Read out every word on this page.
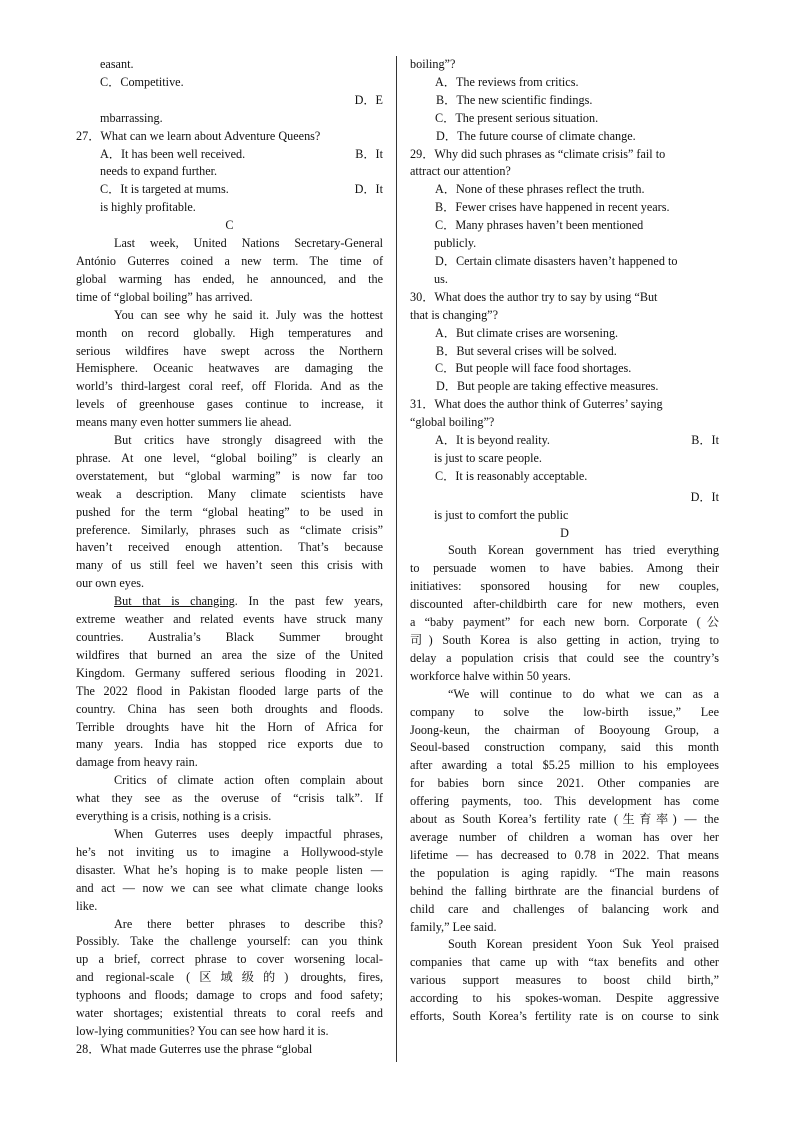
easant.
C．Competitive.
D．E
mbarrassing.
27．What can we learn about Adventure Queens?
A．It has been well received.	B．It
needs to expand further.
C．It is targeted at mums.	D．It
is highly profitable.
C
Last week, United Nations Secretary-General
António Guterres coined a new term. The time of
global warming has ended, he announced, and the
time of “global boiling” has arrived.
You can see why he said it. July was the hottest
month on record globally. High temperatures and
serious wildfires have swept across the Northern
Hemisphere. Oceanic heatwaves are damaging the
world’s third-largest coral reef, off Florida. And as the
levels of greenhouse gases continue to increase, it
means many even hotter summers lie ahead.
But critics have strongly disagreed with the
phrase. At one level, “global boiling” is clearly an
overstatement, but “global warming” is now far too
weak a description. Many climate scientists have
pushed for the term “global heating” to be used in
preference. Similarly, phrases such as “climate crisis”
haven’t received enough attention. That’s because
many of us still feel we haven’t seen this crisis with
our own eyes.
But that is changing. In the past few years,
extreme weather and related events have struck many
countries. Australia’s Black Summer brought
wildfires that burned an area the size of the United
Kingdom. Germany suffered serious flooding in 2021.
The 2022 flood in Pakistan flooded large parts of the
country. China has seen both droughts and floods.
Terrible droughts have hit the Horn of Africa for
many years. India has stopped rice exports due to
damage from heavy rain.
Critics of climate action often complain about
what they see as the overuse of “crisis talk”. If
everything is a crisis, nothing is a crisis.
When Guterres uses deeply impactful phrases,
he’s not inviting us to imagine a Hollywood-style
disaster. What he’s hoping is to make people listen —
and act — now we can see what climate change looks
like.
Are there better phrases to describe this?
Possibly. Take the challenge yourself: can you think
up a brief, correct phrase to cover worsening local-
and regional-scale (区域级的) droughts, fires,
typhoons and floods; damage to crops and food safety;
water shortages; existential threats to coral reefs and
low-lying communities? You can see how hard it is.
28．What made Guterres use the phrase “global
boiling”?
A．The reviews from critics.
B．The new scientific findings.
C．The present serious situation.
D．The future course of climate change.
29．Why did such phrases as “climate crisis” fail to
attract our attention?
A．None of these phrases reflect the truth.
B．Fewer crises have happened in recent years.
C．Many phrases haven’t been mentioned
publicly.
D．Certain climate disasters haven’t happened to
us.
30．What does the author try to say by using “But
that is changing”?
A．But climate crises are worsening.
B．But several crises will be solved.
C．But people will face food shortages.
D．But people are taking effective measures.
31．What does the author think of Guterres’ saying
“global boiling”?
A．It is beyond reality.	B．It
is just to scare people.
C．It is reasonably acceptable.
D．It
is just to comfort the public
D
South Korean government has tried everything
to persuade women to have babies. Among their
initiatives: sponsored housing for new couples,
discounted after-childbirth care for new mothers, even
a “baby payment” for each new born. Corporate (公
司) South Korea is also getting in action, trying to
delay a population crisis that could see the country’s
workforce halve within 50 years.
“We will continue to do what we can as a
company to solve the low-birth issue,” Lee
Joong-keun, the chairman of Booyoung Group, a
Seoul-based construction company, said this month
after awarding a total $5.25 million to his employees
for babies born since 2021. Other companies are
offering payments, too. This development has come
about as South Korea’s fertility rate (生育率) — the
average number of children a woman has over her
lifetime — has decreased to 0.78 in 2022. That means
the population is aging rapidly. “The main reasons
behind the falling birthrate are the financial burdens of
child care and challenges of balancing work and
family,” Lee said.
South Korean president Yoon Suk Yeol praised
companies that came up with “tax benefits and other
various support measures to boost child birth,”
according to his spokes-woman. Despite aggressive
efforts, South Korea’s fertility rate is on course to sink
